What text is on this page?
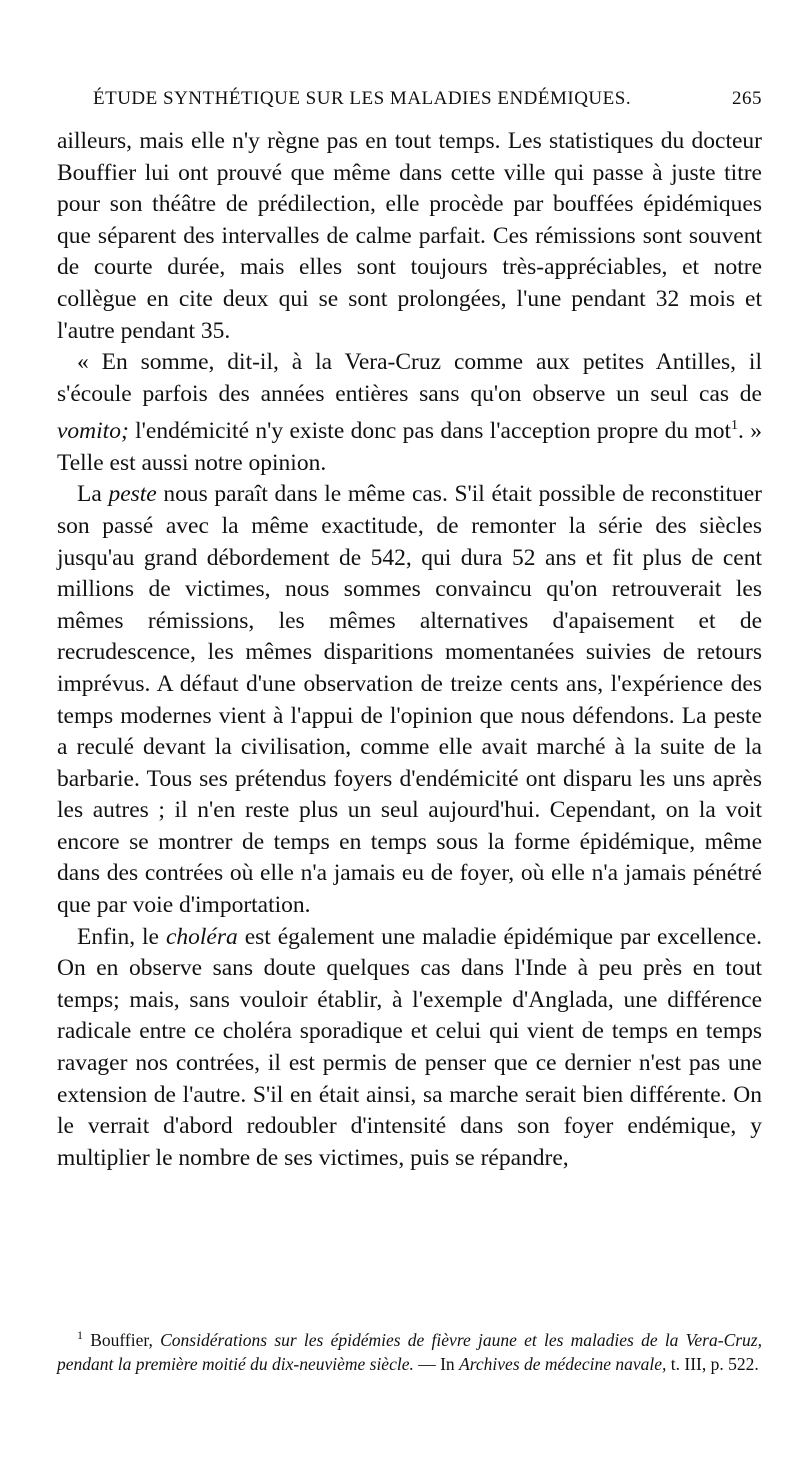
ÉTUDE SYNTHÉTIQUE SUR LES MALADIES ENDÉMIQUES.	265

ailleurs, mais elle n'y règne pas en tout temps. Les statistiques du docteur Bouffier lui ont prouvé que même dans cette ville qui passe à juste titre pour son théâtre de prédilection, elle procède par bouffées épidémiques que séparent des intervalles de calme parfait. Ces rémissions sont souvent de courte durée, mais elles sont toujours très-appréciables, et notre collègue en cite deux qui se sont prolongées, l'une pendant 32 mois et l'autre pendant 35.

« En somme, dit-il, à la Vera-Cruz comme aux petites Antilles, il s'écoule parfois des années entières sans qu'on observe un seul cas de vomito; l'endémicité n'y existe donc pas dans l'acception propre du mot$^1$. » Telle est aussi notre opinion.

La peste nous paraît dans le même cas. S'il était possible de reconstituer son passé avec la même exactitude, de remonter la série des siècles jusqu'au grand débordement de 542, qui dura 52 ans et fit plus de cent millions de victimes, nous sommes convaincu qu'on retrouverait les mêmes rémissions, les mêmes alternatives d'apaisement et de recrudescence, les mêmes disparitions momentanées suivies de retours imprévus. A défaut d'une observation de treize cents ans, l'expérience des temps modernes vient à l'appui de l'opinion que nous défendons. La peste a reculé devant la civilisation, comme elle avait marché à la suite de la barbarie. Tous ses prétendus foyers d'endémicité ont disparu les uns après les autres ; il n'en reste plus un seul aujourd'hui. Cependant, on la voit encore se montrer de temps en temps sous la forme épidémique, même dans des contrées où elle n'a jamais eu de foyer, où elle n'a jamais pénétré que par voie d'importation.

Enfin, le choléra est également une maladie épidémique par excellence. On en observe sans doute quelques cas dans l'Inde à peu près en tout temps; mais, sans vouloir établir, à l'exemple d'Anglada, une différence radicale entre ce choléra sporadique et celui qui vient de temps en temps ravager nos contrées, il est permis de penser que ce dernier n'est pas une extension de l'autre. S'il en était ainsi, sa marche serait bien différente. On le verrait d'abord redoubler d'intensité dans son foyer endémique, y multiplier le nombre de ses victimes, puis se répandre,

$^1$ Bouffier, Considérations sur les épidémies de fièvre jaune et les maladies de la Vera-Cruz, pendant la première moitié du dix-neuvième siècle. — In Archives de médecine navale, t. III, p. 522.
